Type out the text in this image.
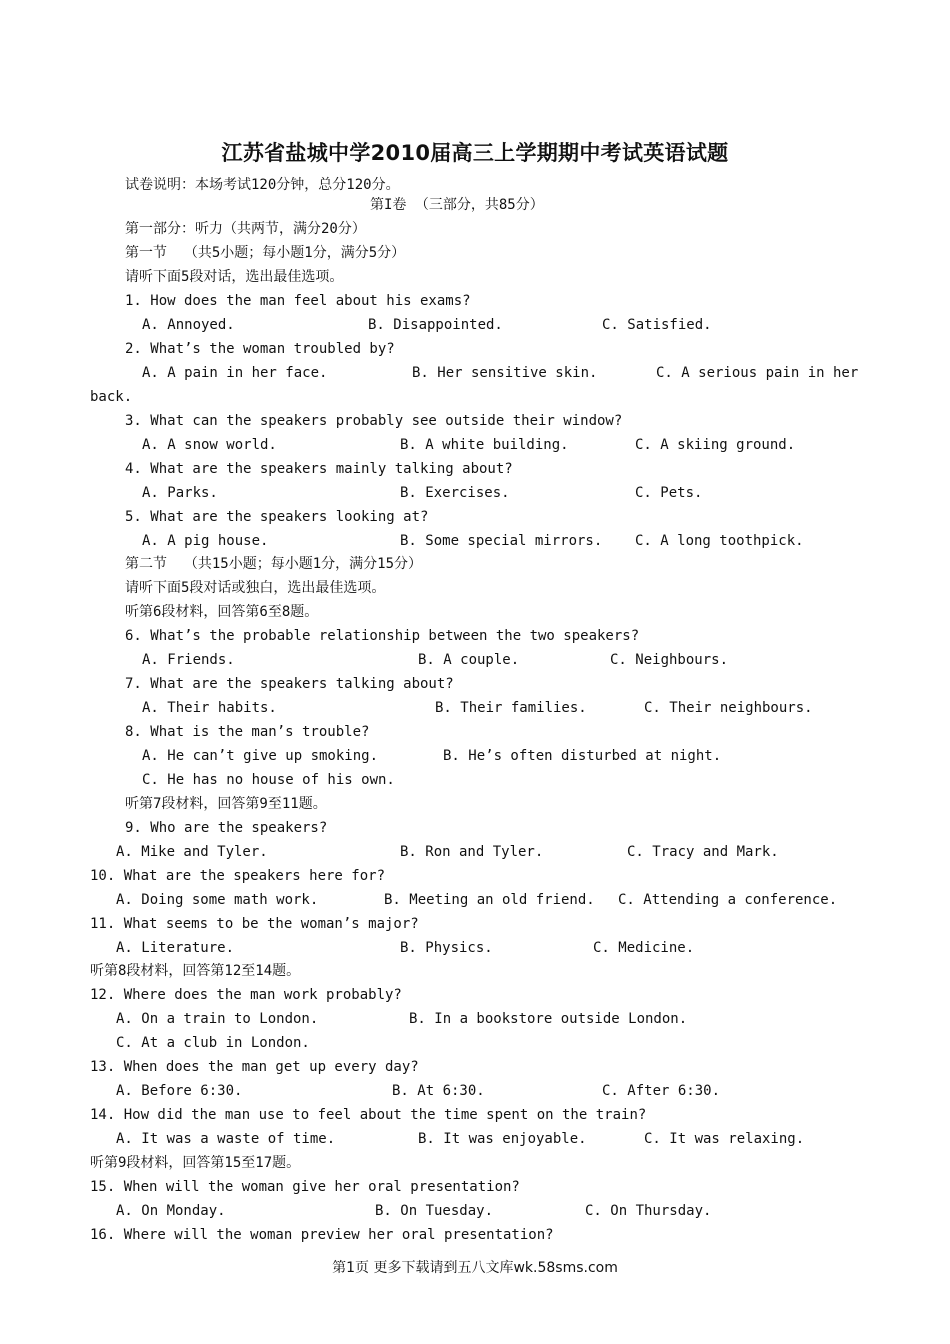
江苏省盐城中学2010届高三上学期期中考试英语试题
试卷说明：本场考试120分钟，总分120分。
第I卷 （三部分，共85分）
第一部分：听力（共两节，满分20分）
第一节  （共5小题；每小题1分，满分5分）
请听下面5段对话，选出最佳选项。
1. How does the man feel about his exams?
A. Annoyed.	B. Disappointed.	C. Satisfied.
2. What’s the woman troubled by?
A. A pain in her face.	B. Her sensitive skin.	C. A serious pain in her
back.
3. What can the speakers probably see outside their window?
A. A snow world.	B. A white building.	C. A skiing ground.
4. What are the speakers mainly talking about?
A. Parks.	B. Exercises.	C. Pets.
5. What are the speakers looking at?
A. A pig house.	B. Some special mirrors. C. A long toothpick.
第二节  （共15小题；每小题1分，满分15分）
请听下面5段对话或独白，选出最佳选项。
听第6段材料，回答第6至8题。
6. What’s the probable relationship between the two speakers?
A. Friends.	B. A couple.	C. Neighbours.
7. What are the speakers talking about?
A. Their habits.	B. Their families.	C. Their neighbours.
8. What is the man’s trouble?
A. He can’t give up smoking.	B. He’s often disturbed at night.
C. He has no house of his own.
听第7段材料，回答第9至11题。
9. Who are the speakers?
A. Mike and Tyler.	B. Ron and Tyler.	C. Tracy and Mark.
10. What are the speakers here for?
A. Doing some math work.	B. Meeting an old friend. C. Attending a conference.
11. What seems to be the woman’s major?
A. Literature.	B. Physics.	C. Medicine.
听第8段材料，回答第12至14题。
12. Where does the man work probably?
A. On a train to London.	B. In a bookstore outside London.
C. At a club in London.
13. When does the man get up every day?
A. Before 6:30.	B. At 6:30.	C. After 6:30.
14. How did the man use to feel about the time spent on the train?
A. It was a waste of time.	B. It was enjoyable.	C. It was relaxing.
听第9段材料，回答第15至17题。
15. When will the woman give her oral presentation?
A. On Monday.	B. On Tuesday.	C. On Thursday.
16. Where will the woman preview her oral presentation?
第1页 更多下载请到五八文库wk.58sms.com
